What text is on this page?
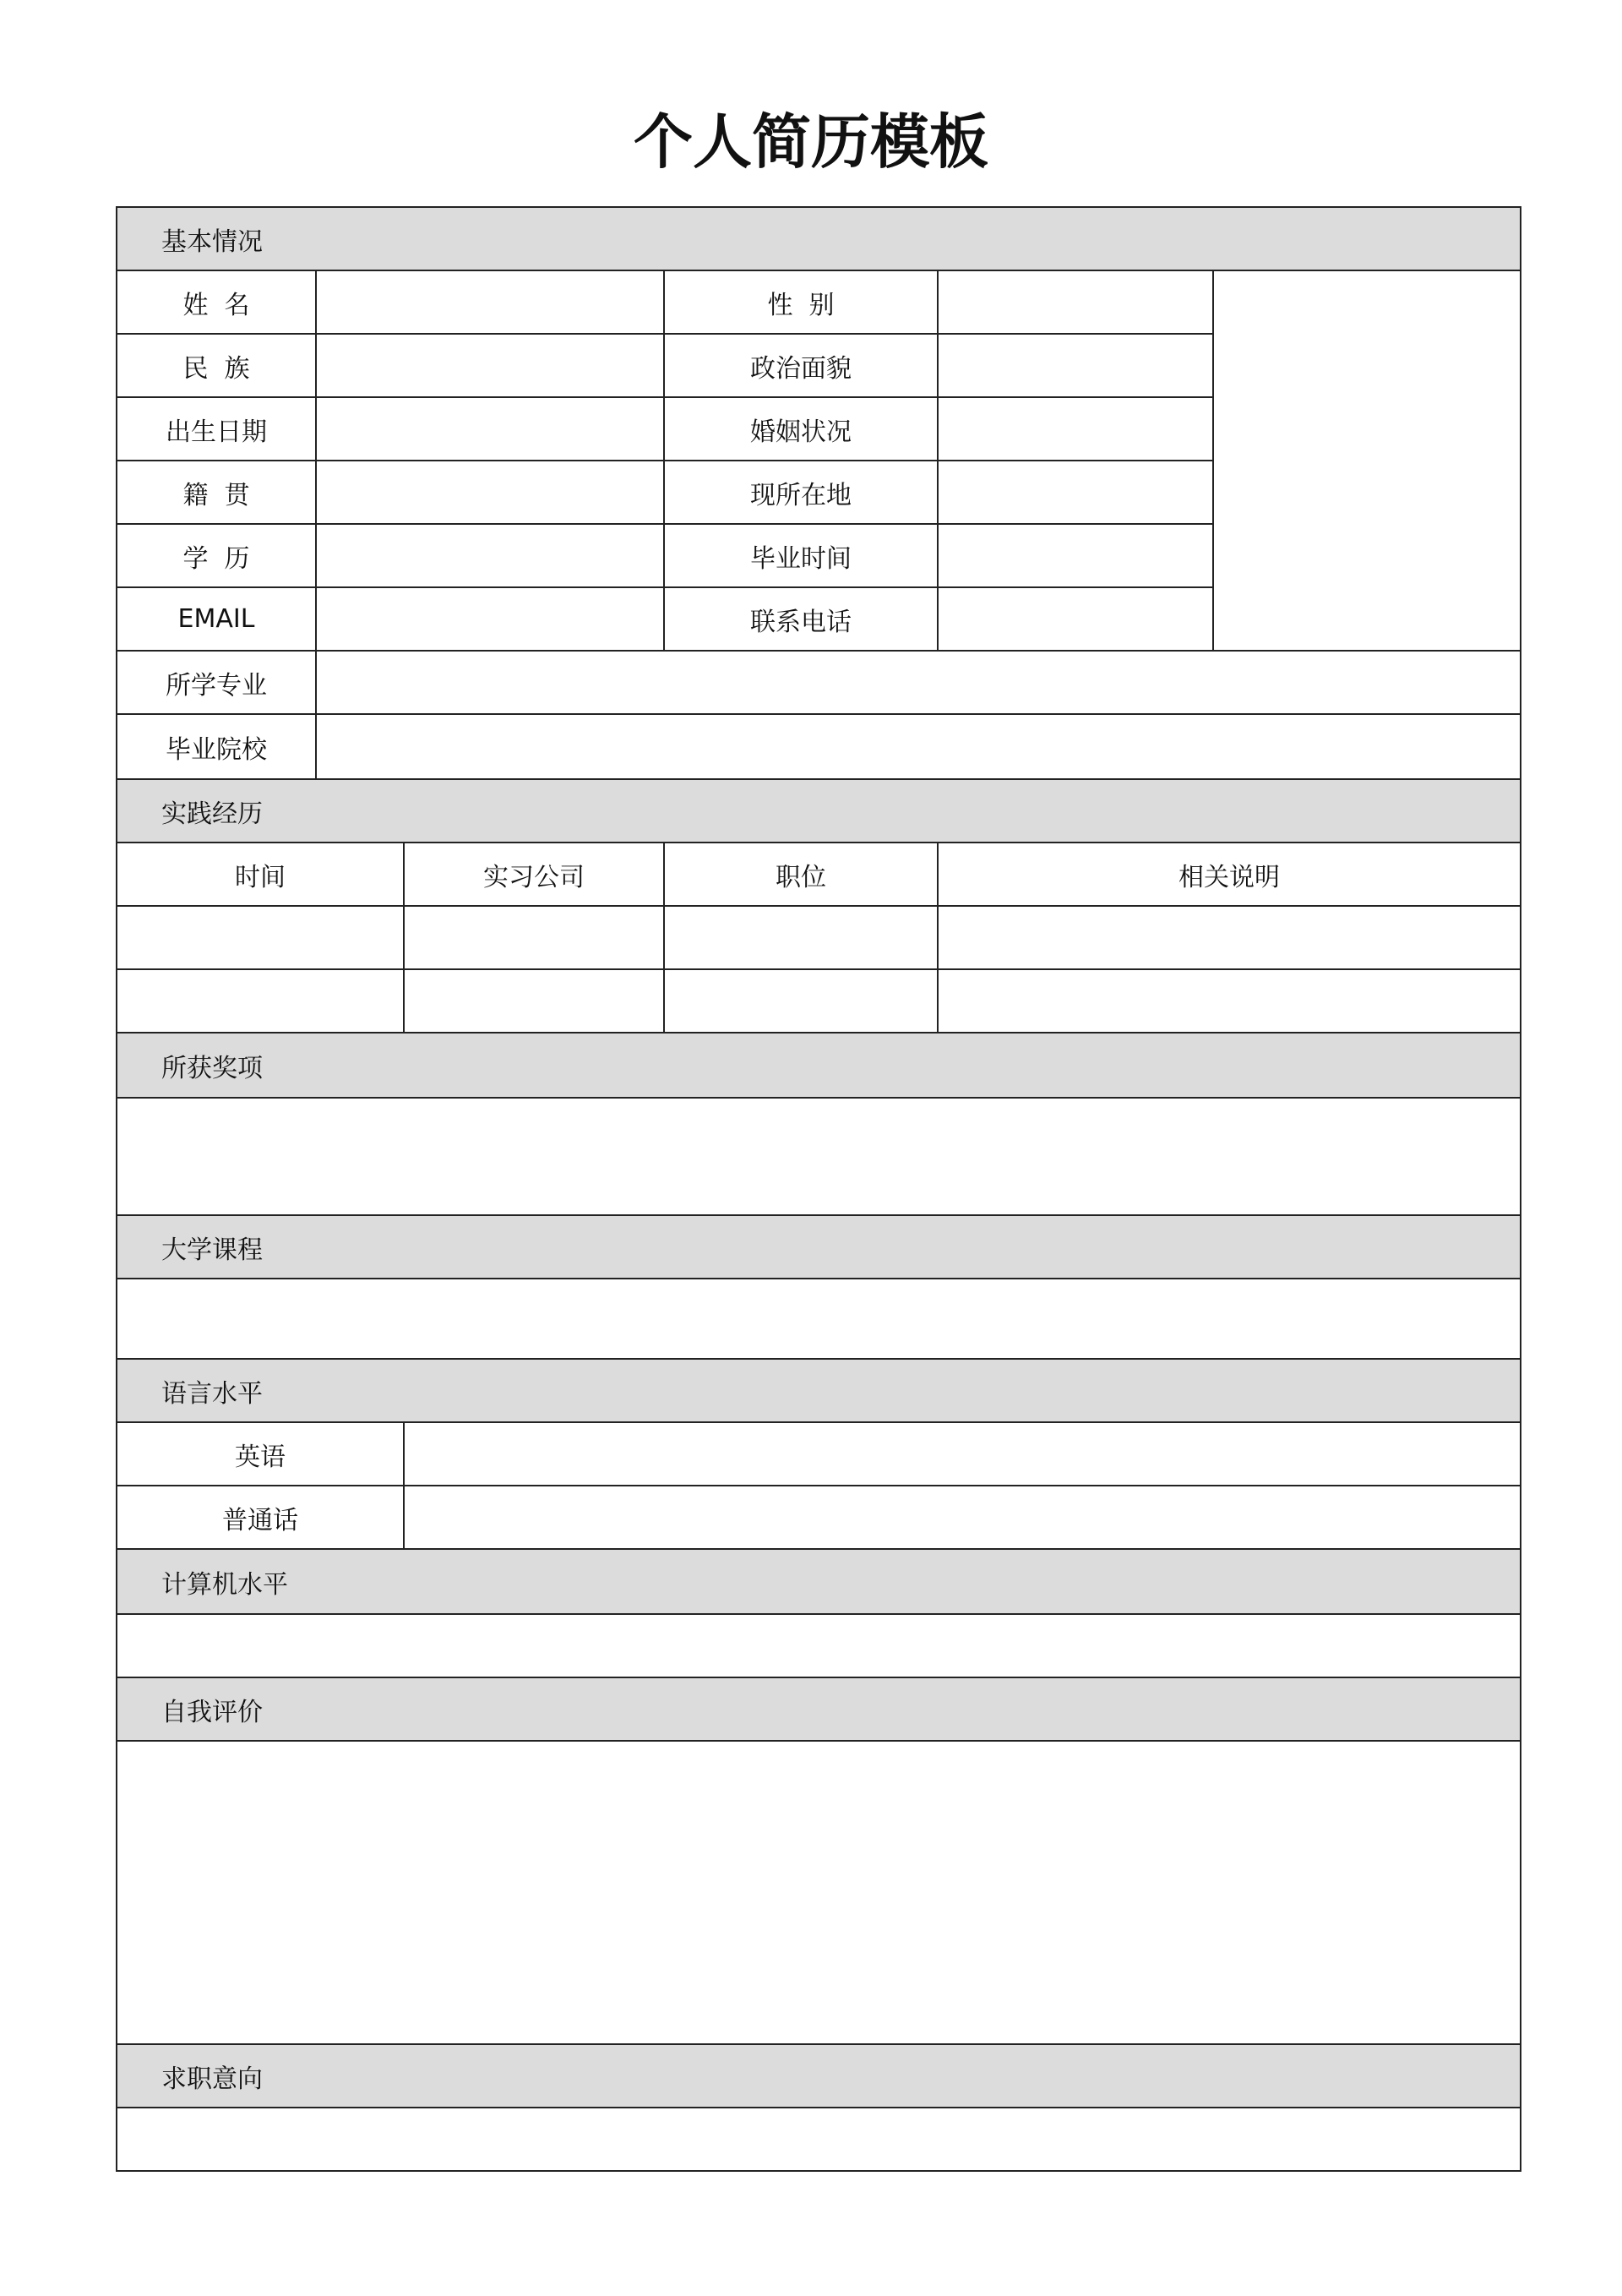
个人简历模板
基本情况					
姓  名			性  别		
民  族			政治面貌		
出生日期			婚姻状况		
籍  贯			现所在地		
学  历			毕业时间		
EMAIL			联系电话		
所学专业					
毕业院校					
实践经历					
时间		实习公司	职位	相关说明	

所获奖项					

大学课程					

语言水平					
英语					
普通话					
计算机水平					

自我评价					

求职意向					
